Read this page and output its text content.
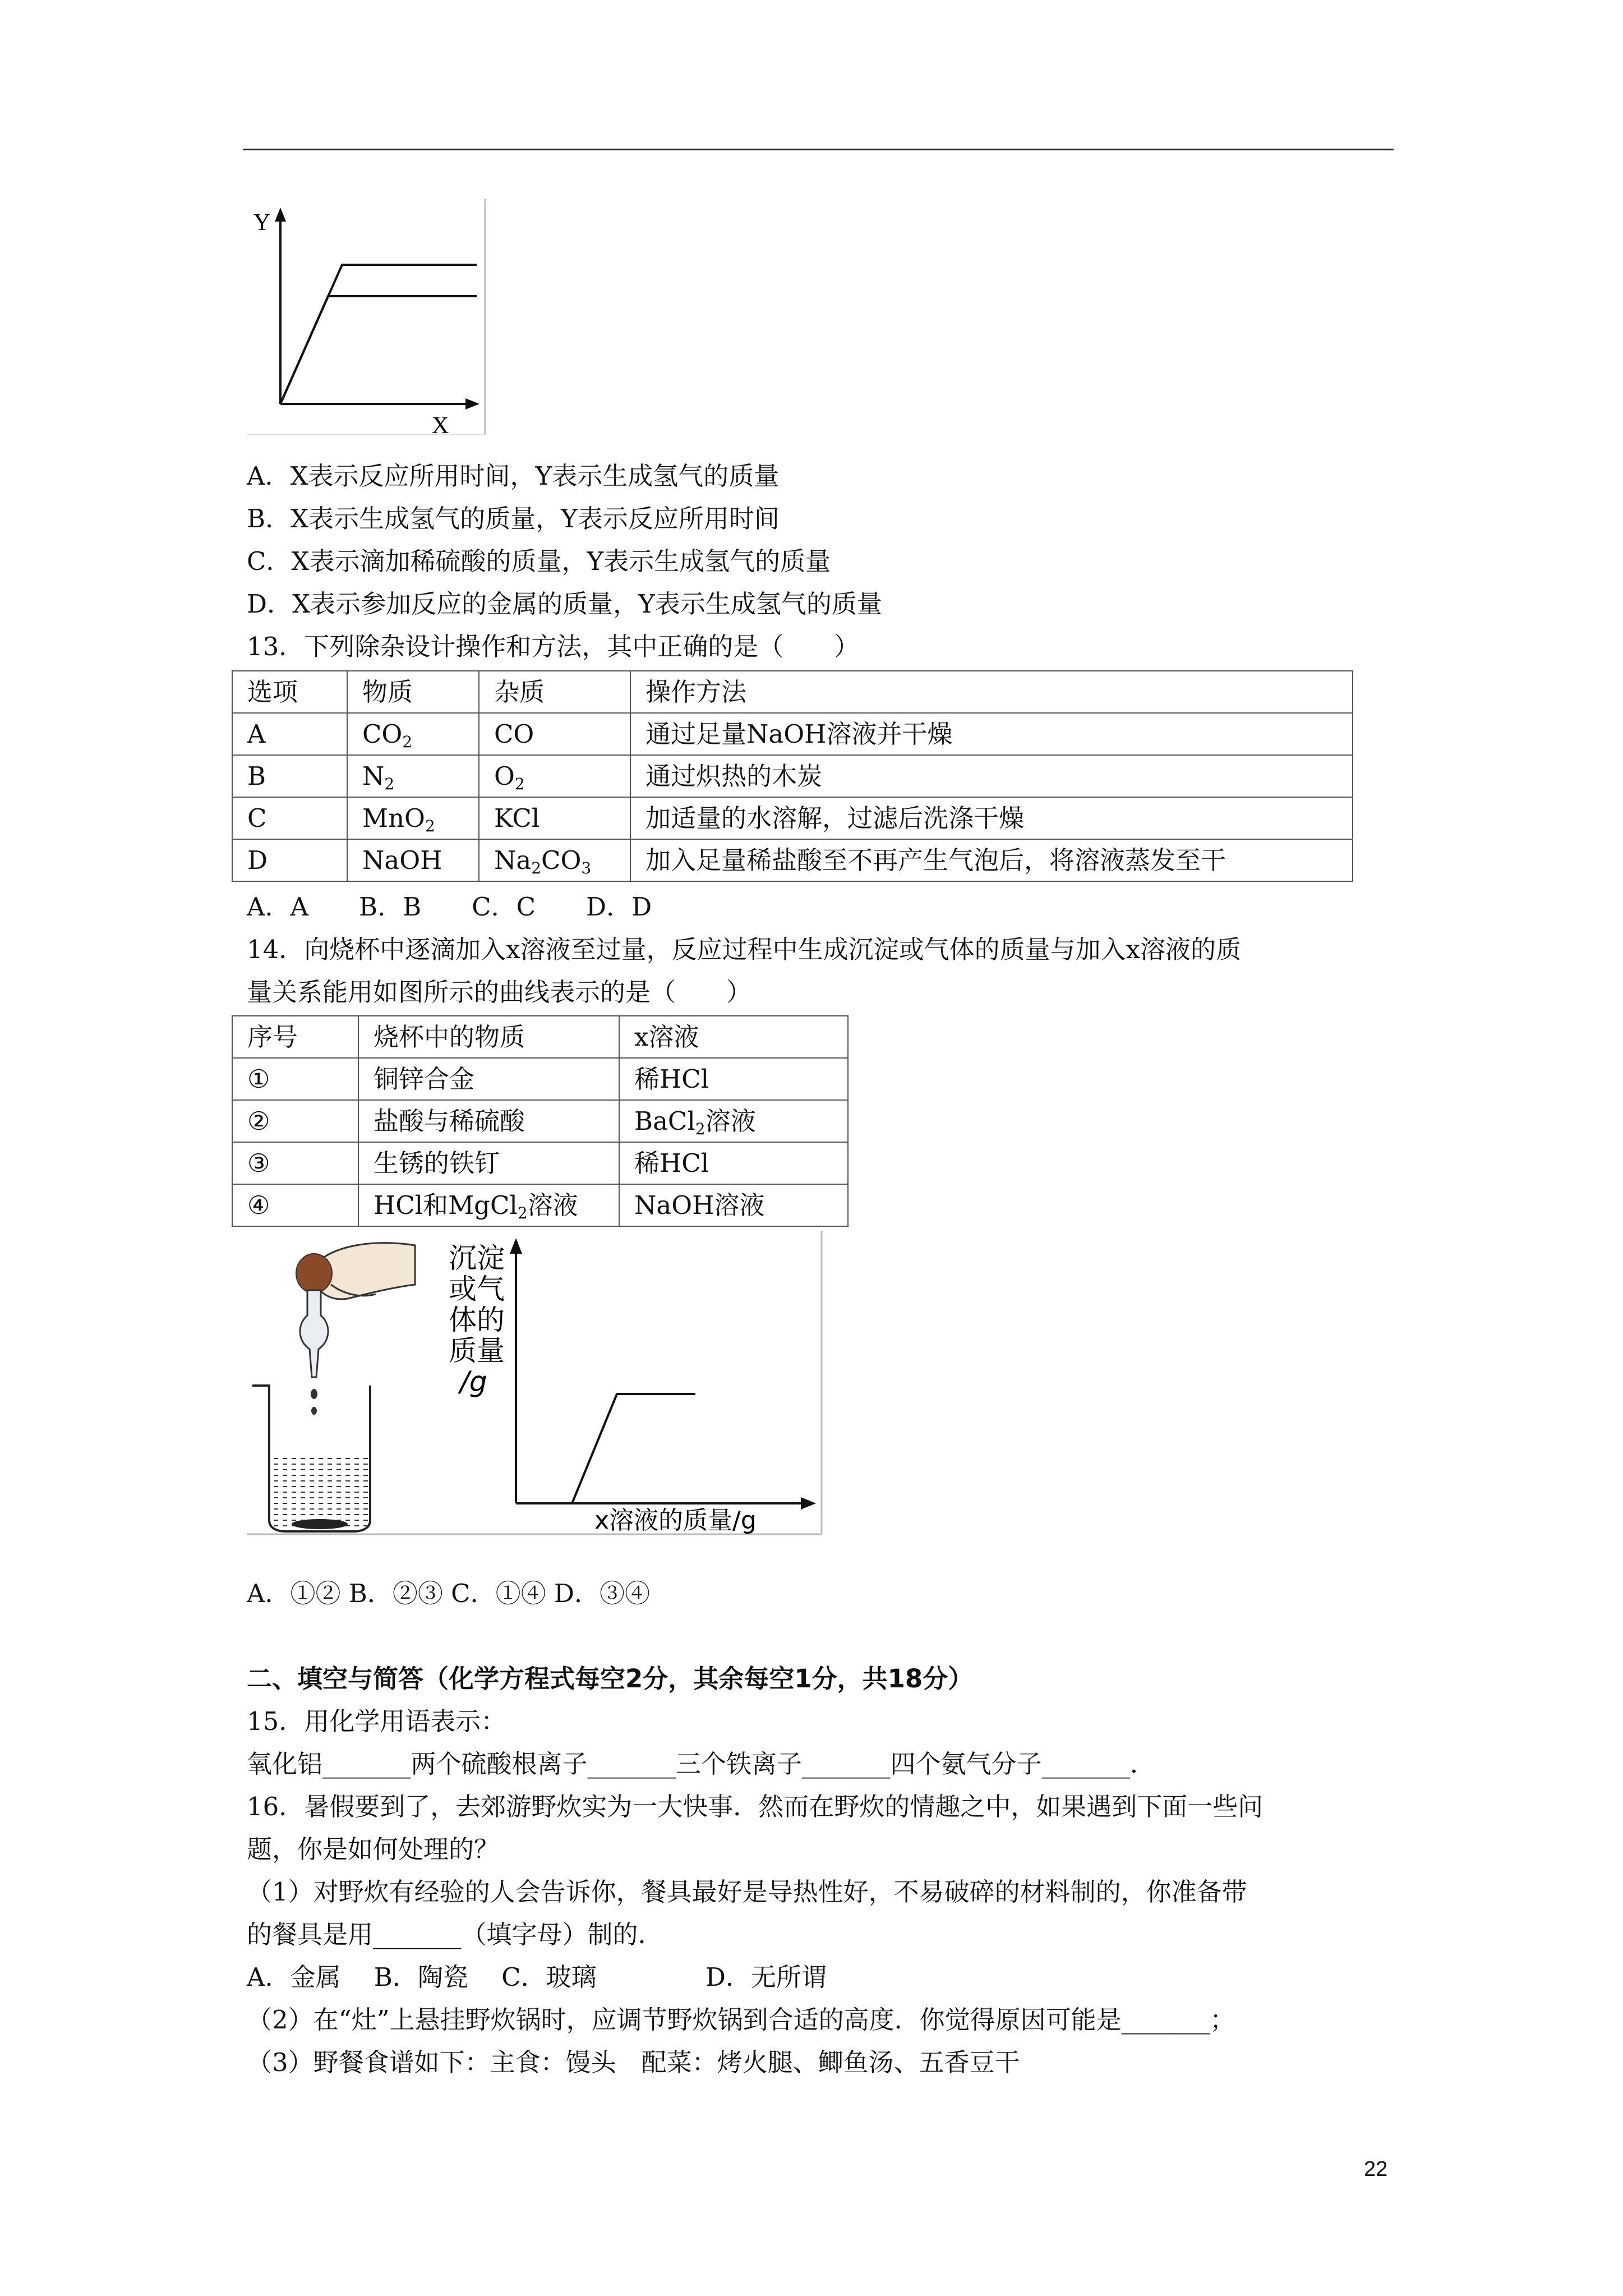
Y
X
A．X表示反应所用时间，Y表示生成氢气的质量
B．X表示生成氢气的质量，Y表示反应所用时间
C．X表示滴加稀硫酸的质量，Y表示生成氢气的质量
D．X表示参加反应的金属的质量，Y表示生成氢气的质量
13．下列除杂设计操作和方法，其中正确的是（　　）
选项	物质	杂质	操作方法
A	$CO_2$	CO	通过足量NaOH溶液并干燥
B	$N_2$	$O_2$	通过炽热的木炭
C	MnO$_2$	KCl	加适量的水溶解，过滤后洗涤干燥
D	NaOH	$Na_2CO_3$	加入足量稀盐酸至不再产生气泡后，将溶液蒸发至干
A．A　　B．B　　C．C　　D．D
14．向烧杯中逐滴加入x溶液至过量，反应过程中生成沉淀或气体的质量与加入x溶液的质
量关系能用如图所示的曲线表示的是（　　）
序号	烧杯中的物质	x溶液
①	铜锌合金	稀HCl
②	盐酸与稀硫酸	BaCl$_2$溶液
③	生锈的铁钉	稀HCl
④	HCl和MgCl$_2$溶液	NaOH溶液
沉淀
或气
体的
质量
/g
x溶液的质量/g
A．①② B．②③ C．①④ D．③④
二、填空与简答（化学方程式每空2分，其余每空1分，共18分）
15．用化学用语表示：
氧化铝_______两个硫酸根离子_______三个铁离子_______四个氨气分子_______．
16．暑假要到了，去郊游野炊实为一大快事．然而在野炊的情趣之中，如果遇到下面一些问
题，你是如何处理的？
（1）对野炊有经验的人会告诉你，餐具最好是导热性好，不易破碎的材料制的，你准备带
的餐具是用_______（填字母）制的．
A．金属　 B．陶瓷　 C．玻璃　　　　 D．无所谓
（2）在“灶”上悬挂野炊锅时，应调节野炊锅到合适的高度．你觉得原因可能是_______；
（3）野餐食谱如下：主食：馒头　配菜：烤火腿、鲫鱼汤、五香豆干
22
